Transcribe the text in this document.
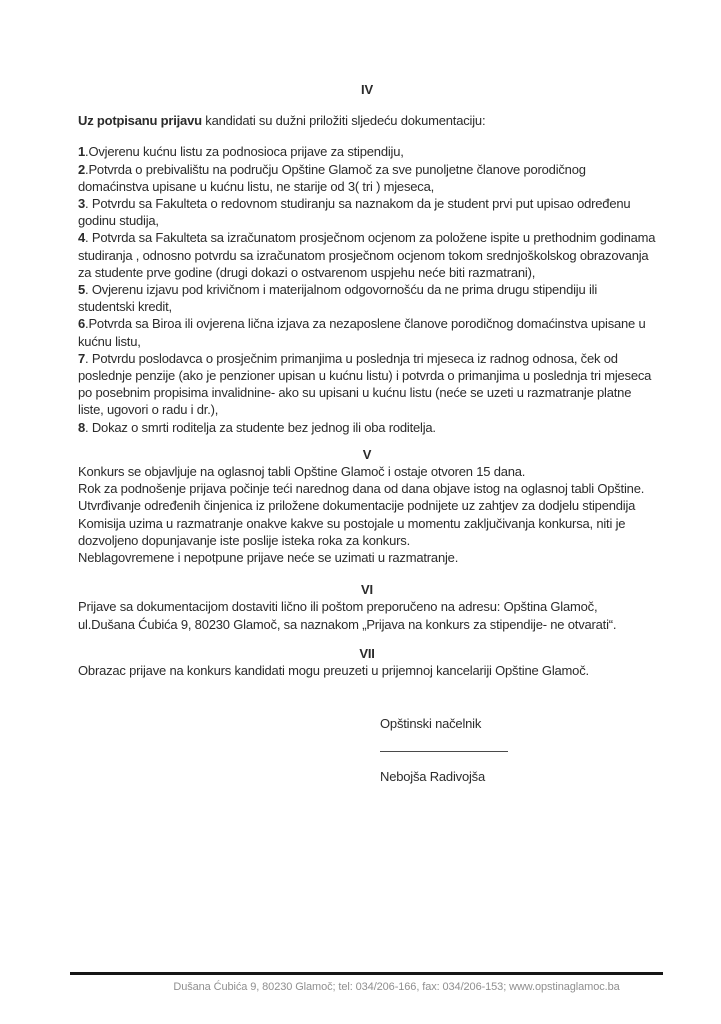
IV

Uz potpisanu prijavu kandidati su dužni priložiti sljedeću dokumentaciju:

1.Ovjerenu kućnu listu za podnosioca prijave za stipendiju,
2.Potvrda o prebivalištu na području Opštine Glamoč za sve punoljetne članove porodičnog domaćinstva upisane u kućnu listu, ne starije od 3( tri ) mjeseca,
3. Potvrdu sa Fakulteta o redovnom studiranju sa naznakom da je student prvi put upisao određenu godinu studija,
4. Potvrda sa Fakulteta sa izračunatom prosječnom ocjenom za položene ispite u prethodnim godinama studiranja , odnosno potvrdu sa izračunatom prosječnom ocjenom tokom srednjoškolskog obrazovanja za studente prve godine (drugi dokazi o ostvarenom uspjehu neće biti razmatrani),
5. Ovjerenu izjavu pod krivičnom i materijalnom odgovornošću da ne prima drugu stipendiju ili studentski kredit,
6.Potvrda sa Biroa ili ovjerena lična izjava za nezaposlene članove porodičnog domaćinstva upisane u kućnu listu,
7. Potvrdu poslodavca o prosječnim primanjima u poslednja tri mjeseca iz radnog odnosa, ček od poslednje penzije (ako je penzioner upisan u kućnu listu) i potvrda o primanjima u poslednja tri mjeseca po posebnim propisima invalidnine- ako su upisani u kućnu listu (neće se uzeti u razmatranje platne liste, ugovori o radu i dr.),
8. Dokaz o smrti roditelja za studente bez jednog ili oba roditelja.

V

Konkurs se objavljuje na oglasnoj tabli Opštine Glamoč i ostaje otvoren 15 dana.
Rok za podnošenje prijava počinje teći narednog dana od dana objave istog na oglasnoj tabli Opštine.

Utvrđivanje određenih činjenica iz priložene dokumentacije podnijete uz zahtjev za dodjelu stipendija Komisija uzima u razmatranje onakve kakve su postojale u momentu zaključivanja konkursa, niti je dozvoljeno dopunjavanje iste poslije isteka roka za konkurs.

Neblagovremene i nepotpune prijave neće se uzimati u razmatranje.

VI

Prijave sa dokumentacijom dostaviti lično ili poštom preporučeno na adresu: Opština Glamoč, ul.Dušana Ćubića 9, 80230 Glamoč, sa naznakom „Prijava na konkurs za stipendije- ne otvarati“.

VII

Obrazac prijave na konkurs kandidati mogu preuzeti u prijemnoj kancelariji Opštine Glamoč.

Opštinski načelnik

Nebojša Radivojša

Dušana Ćubića 9, 80230 Glamoč; tel: 034/206-166, fax: 034/206-153; www.opstinaglamoc.ba
